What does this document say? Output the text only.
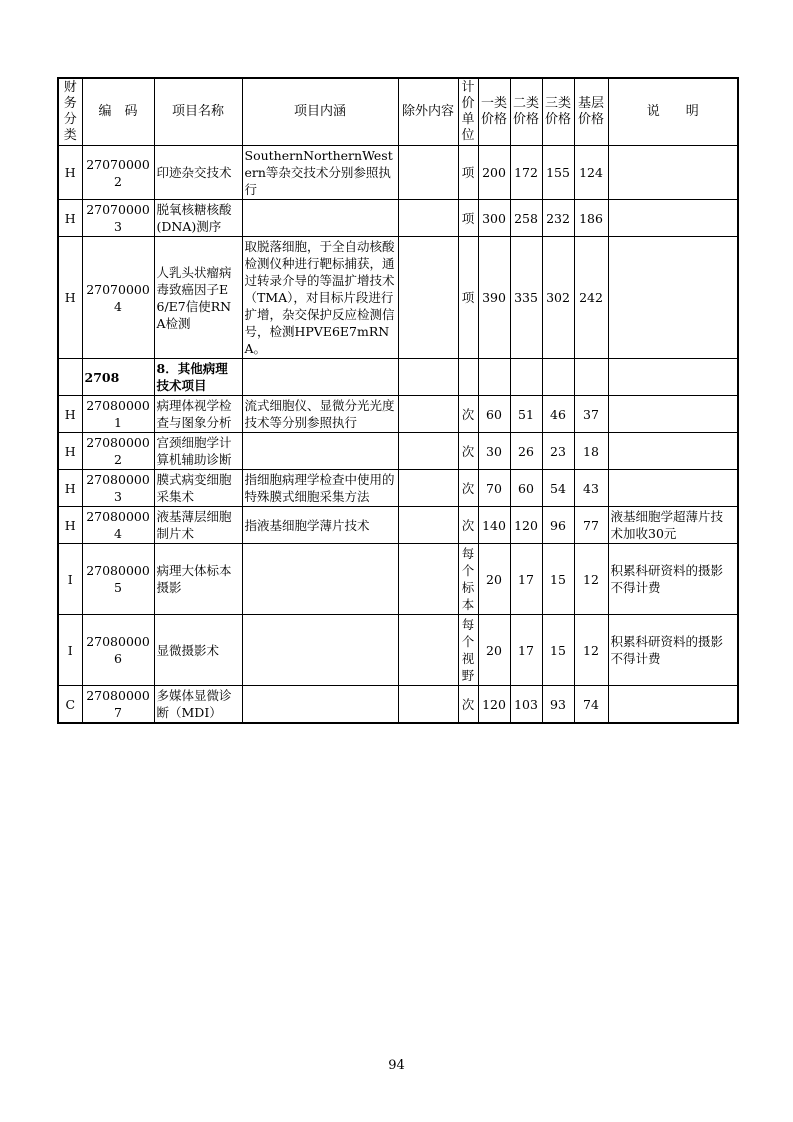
财务分类	编　码	项目名称	项目内涵	除外内容	计价单位	一类价格	二类价格	三类价格	基层价格	说　　明
H	270700002	印迹杂交技术	SouthernNorthernWestern等杂交技术分别参照执行		项	200	172	155	124	
H	270700003	脱氧核糖核酸(DNA)测序			项	300	258	232	186	
H	270700004	人乳头状瘤病毒致癌因子E6/E7信使RNA检测	取脱落细胞，于全自动核酸检测仪种进行靶标捕获，通过转录介导的等温扩增技术（TMA），对目标片段进行扩增，杂交保护反应检测信号，检测HPVE6E7mRNA。		项	390	335	302	242	
	2708	8．其他病理技术项目								
H	270800001	病理体视学检查与图象分析	流式细胞仪、显微分光光度技术等分别参照执行		次	60	51	46	37	
H	270800002	宫颈细胞学计算机辅助诊断			次	30	26	23	18	
H	270800003	膜式病变细胞采集术	指细胞病理学检查中使用的特殊膜式细胞采集方法		次	70	60	54	43	
H	270800004	液基薄层细胞制片术	指液基细胞学薄片技术		次	140	120	96	77	液基细胞学超薄片技术加收30元
I	270800005	病理大体标本摄影			每个标本	20	17	15	12	积累科研资料的摄影不得计费
I	270800006	显微摄影术			每个视野	20	17	15	12	积累科研资料的摄影不得计费
C	270800007	多媒体显微诊断（MDI）			次	120	103	93	74	
94
